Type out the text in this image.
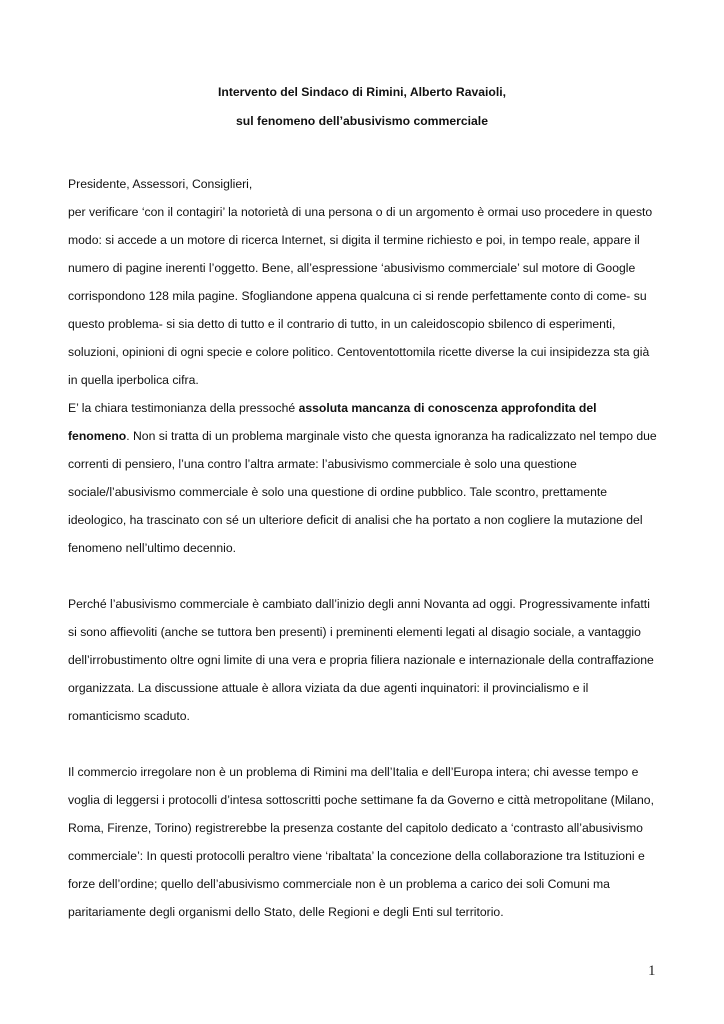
Intervento del Sindaco di Rimini, Alberto Ravaioli,
sul fenomeno dell’abusivismo commerciale

Presidente, Assessori, Consiglieri,

per verificare ‘con il contagiri’ la notorietà di una persona o di un argomento è ormai uso procedere in questo modo: si accede a un motore di ricerca Internet, si digita il termine richiesto e poi, in tempo reale, appare il numero di pagine inerenti l’oggetto. Bene, all’espressione ‘abusivismo commerciale’ sul motore di Google corrispondono 128 mila pagine. Sfogliandone appena qualcuna ci si rende perfettamente conto di come- su questo problema- si sia detto di tutto e il contrario di tutto, in un caleidoscopio sbilenco di esperimenti, soluzioni, opinioni di ogni specie e colore politico. Centoventottomila ricette diverse la cui insipidezza sta già in quella iperbolica cifra.

E’ la chiara testimonianza della pressoché assoluta mancanza di conoscenza approfondita del fenomeno. Non si tratta di un problema marginale visto che questa ignoranza ha radicalizzato nel tempo due correnti di pensiero, l’una contro l’altra armate: l’abusivismo commerciale è solo una questione sociale/l’abusivismo commerciale è solo una questione di ordine pubblico. Tale scontro, prettamente ideologico, ha trascinato con sé un ulteriore deficit di analisi che ha portato a non cogliere la mutazione del fenomeno nell’ultimo decennio.

Perché l’abusivismo commerciale è cambiato dall’inizio degli anni Novanta ad oggi. Progressivamente infatti si sono affievoliti (anche se tuttora ben presenti) i preminenti elementi legati al disagio sociale, a vantaggio dell’irrobustimento oltre ogni limite di una vera e propria filiera nazionale e internazionale della contraffazione organizzata. La discussione attuale è allora viziata da due agenti inquinatori: il provincialismo e il romanticismo scaduto.

Il commercio irregolare non è un problema di Rimini ma dell’Italia e dell’Europa intera; chi avesse tempo e voglia di leggersi i protocolli d’intesa sottoscritti poche settimane fa da Governo e città metropolitane (Milano, Roma, Firenze, Torino) registrerebbe la presenza costante del capitolo dedicato a ‘contrasto all’abusivismo commerciale’: In questi protocolli peraltro viene ‘ribaltata’ la concezione della collaborazione tra Istituzioni e forze dell’ordine; quello dell’abusivismo commerciale non è un problema a carico dei soli Comuni ma paritariamente degli organismi dello Stato, delle Regioni e degli Enti sul territorio.

1
